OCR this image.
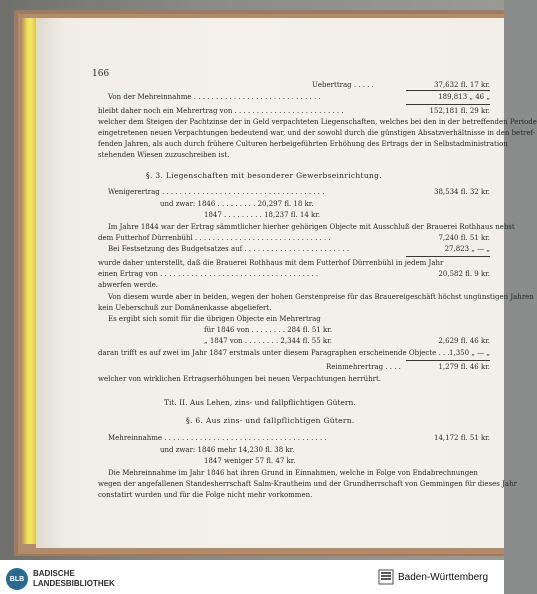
166
Ueberttrag . . . . .
Von der Mehreinnahme . . . . . . . . . . . . . . . . . . . . . . . . . . . . .
bleibt daher noch ein Mehrertrag von . . . . . . . . . . . . . . . . . . . . . . . . .
welcher dem Steigen der Pachtzinse der in Geld verpachteten Liegenschaften, welches bei den in der betreffenden Periode
eingetretenen neuen Verpachtungen bedeutend war, und der sowohl durch die günstigen Absatzverhältnisse in den betref-
fenden Jahren, als auch durch frühere Culturen herbeigeführten Erhöhung des Ertrags der in Selbstadministration
stehenden Wiesen zuzuschreiben ist.
§. 3. Liegenschaften mit besonderer Gewerbseinrichtung.
Wenigerertrag . . . . . . . . . . . . . . . . . . . . . . . . . . . . . . . . . . . . .
und zwar: 1846 . . . . . . . . . 20,297 fl. 18 kr.
1847 . . . . . . . . . 18,237 fl. 14 kr.
Im Jahre 1844 war der Ertrag sämmtlicher hierher gehörigen Objecte mit Ausschluß der Brauerei Rothhaus nebst
dem Futterhof Dürrenbühl . . . . . . . . . . . . . . . . . . . . . . . . . . . . . . .
Bei Festsetzung des Budgetsatzes auf . . . . . . . . . . . . . . . . . . . . . . . .
wurde daher unterstellt, daß die Brauerei Rothhaus mit dem Futterhof Dürrenbühl in jedem Jahr
einen Ertrag von . . . . . . . . . . . . . . . . . . . . . . . . . . . . . . . . . . . .
abwerfen werde.
Von diesem wurde aber in beiden, wegen der hohen Gerstenpreise für das Brauereigeschäft höchst ungünstigen Jahren
kein Ueberschuß zur Domänenkasse abgeliefert.
Es ergibt sich somit für die übrigen Objecte ein Mehrertrag
für 1846 von . . . . . . . . 284 fl. 51 kr.
„ 1847 von . . . . . . . . 2,344 fl. 55 kr.
daran trifft es auf zwei im Jahr 1847 erstmals unter diesem Paragraphen erscheinende Objecte . . .
Reinmehrertrag . . . .
welcher von wirklichen Ertragserhöhungen bei neuen Verpachtungen herrührt.
Tit. II. Aus Lehen, zins- und fallpflichtigen Gütern.
§. 6. Aus zins- und fallpflichtigen Gütern.
Mehreinnahme . . . . . . . . . . . . . . . . . . . . . . . . . . . . . . . . . . . . .
und zwar: 1846 mehr 14,230 fl. 38 kr.
1847 weniger 57 fl. 47 kr.
Die Mehreinnahme im Jahr 1846 hat ihren Grund in Einnahmen, welche in Folge von Endabrechnungen
wegen der angefallenen Standesherrschaft Salm-Krautheim und der Grundherrschaft von Gemmingen für dieses Jahr
constatirt wurden und für die Folge nicht mehr vorkommen.
37,632 fl. 17 kr.
189,813 „ 46 „
152,181 fl. 29 kr.
38,534 fl. 32 kr.
7,240 fl. 51 kr.
27,823 „ — „
20,582 fl. 9 kr.
2,629 fl. 46 kr.
1,350 „ — „
1,279 fl. 46 kr.
14,172 fl. 51 kr.
BLB
BADISCHE
LANDESBIBLIOTHEK
Baden-Württemberg
